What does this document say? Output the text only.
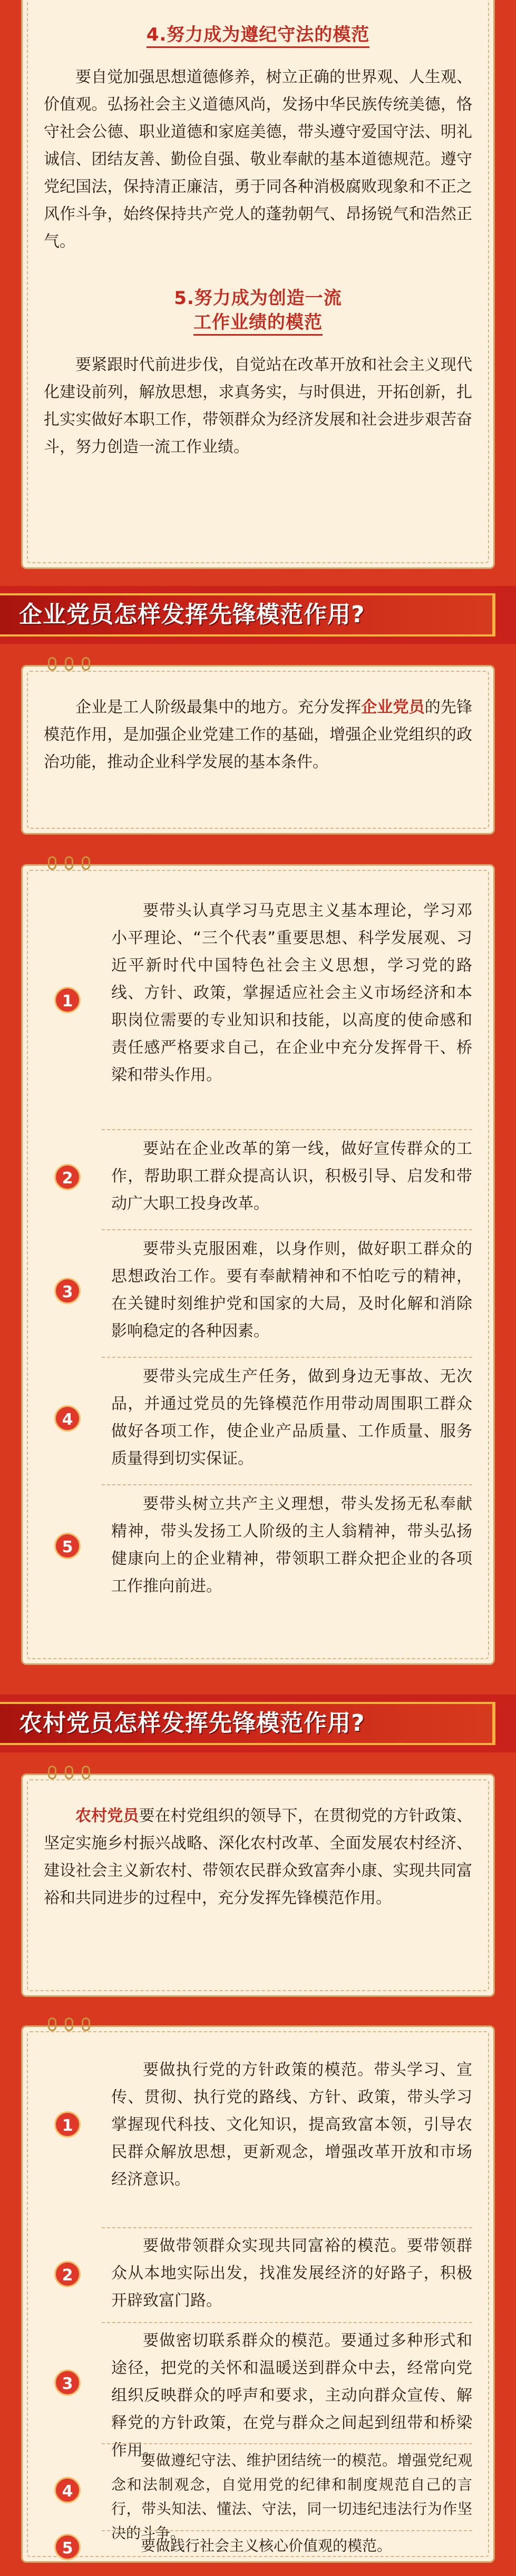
4.努力成为遵纪守法的模范

要自觉加强思想道德修养，树立正确的世界观、人生观、价值观。弘扬社会主义道德风尚，发扬中华民族传统美德，恪守社会公德、职业道德和家庭美德，带头遵守爱国守法、明礼诚信、团结友善、勤俭自强、敬业奉献的基本道德规范。遵守党纪国法，保持清正廉洁，勇于同各种消极腐败现象和不正之风作斗争，始终保持共产党人的蓬勃朝气、昂扬锐气和浩然正气。

5.努力成为创造一流
工作业绩的模范

要紧跟时代前进步伐，自觉站在改革开放和社会主义现代化建设前列，解放思想，求真务实，与时俱进，开拓创新，扎扎实实做好本职工作，带领群众为经济发展和社会进步艰苦奋斗，努力创造一流工作业绩。

企业党员怎样发挥先锋模范作用?

企业是工人阶级最集中的地方。充分发挥企业党员的先锋模范作用，是加强企业党建工作的基础，增强企业党组织的政治功能，推动企业科学发展的基本条件。

1
要带头认真学习马克思主义基本理论，学习邓小平理论、“三个代表”重要思想、科学发展观、习近平新时代中国特色社会主义思想，学习党的路线、方针、政策，掌握适应社会主义市场经济和本职岗位需要的专业知识和技能，以高度的使命感和责任感严格要求自己，在企业中充分发挥骨干、桥梁和带头作用。
2
要站在企业改革的第一线，做好宣传群众的工作，帮助职工群众提高认识，积极引导、启发和带动广大职工投身改革。
3
要带头克服困难，以身作则，做好职工群众的思想政治工作。要有奉献精神和不怕吃亏的精神，在关键时刻维护党和国家的大局，及时化解和消除影响稳定的各种因素。
4
要带头完成生产任务，做到身边无事故、无次品，并通过党员的先锋模范作用带动周围职工群众做好各项工作，使企业产品质量、工作质量、服务质量得到切实保证。
5
要带头树立共产主义理想，带头发扬无私奉献精神，带头发扬工人阶级的主人翁精神，带头弘扬健康向上的企业精神，带领职工群众把企业的各项工作推向前进。
农村党员怎样发挥先锋模范作用?

农村党员要在村党组织的领导下，在贯彻党的方针政策、坚定实施乡村振兴战略、深化农村改革、全面发展农村经济、建设社会主义新农村、带领农民群众致富奔小康、实现共同富裕和共同进步的过程中，充分发挥先锋模范作用。

1
要做执行党的方针政策的模范。带头学习、宣传、贯彻、执行党的路线、方针、政策，带头学习掌握现代科技、文化知识，提高致富本领，引导农民群众解放思想，更新观念，增强改革开放和市场经济意识。
2
要做带领群众实现共同富裕的模范。要带领群众从本地实际出发，找准发展经济的好路子，积极开辟致富门路。
3
要做密切联系群众的模范。要通过多种形式和途径，把党的关怀和温暖送到群众中去，经常向党组织反映群众的呼声和要求，主动向群众宣传、解释党的方针政策，在党与群众之间起到纽带和桥梁作用。
4
要做遵纪守法、维护团结统一的模范。增强党纪观念和法制观念，自觉用党的纪律和制度规范自己的言行，带头知法、懂法、守法，同一切违纪违法行为作坚决的斗争。
5	要做践行社会主义核心价值观的模范。
